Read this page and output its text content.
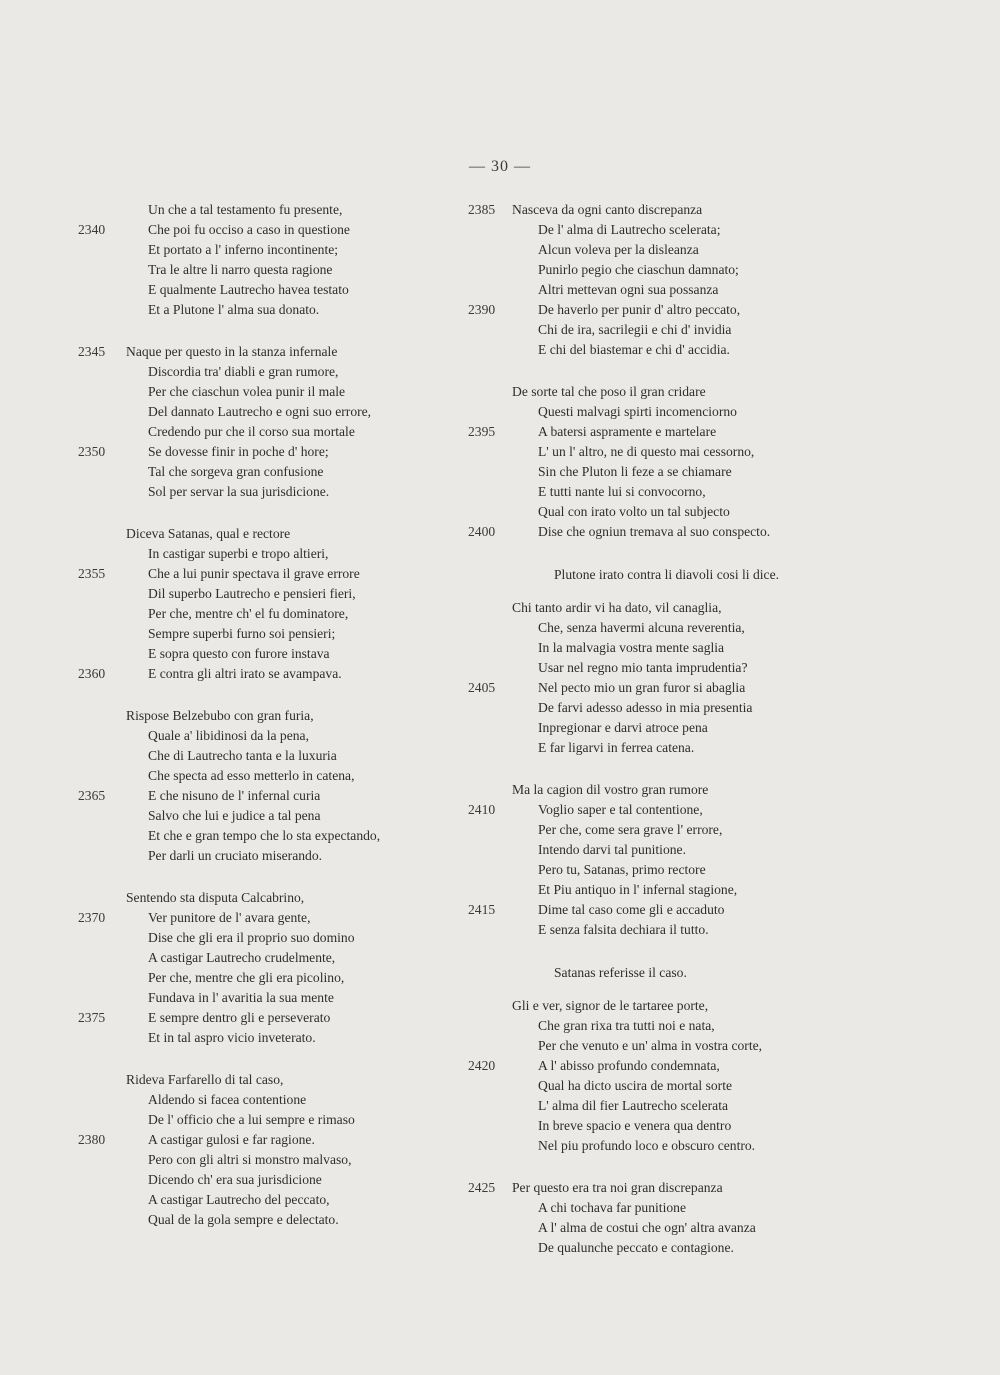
— 30 —
Un che a tal testamento fu presente,
2340	Che poi fu occiso a caso in questione
Et portato a l' inferno incontinente;
Tra le altre li narro questa ragione
E qualmente Lautrecho havea testato
Et a Plutone l' alma sua donato.
2345	Naque per questo in la stanza infernale
Discordia tra' diabli e gran rumore,
Per che ciaschun volea punir il male
Del dannato Lautrecho e ogni suo errore,
Credendo pur che il corso sua mortale
2350	Se dovesse finir in poche d' hore;
Tal che sorgeva gran confusione
Sol per servar la sua jurisdicione.
Diceva Satanas, qual e rectore
In castigar superbi e tropo altieri,
2355	Che a lui punir spectava il grave errore
Dil superbo Lautrecho e pensieri fieri,
Per che, mentre ch' el fu dominatore,
Sempre superbi furno soi pensieri;
E sopra questo con furore instava
2360	E contra gli altri irato se avampava.
Rispose Belzebubo con gran furia,
Quale a' libidinosi da la pena,
Che di Lautrecho tanta e la luxuria
Che specta ad esso metterlo in catena,
2365	E che nisuno de l' infernal curia
Salvo che lui e judice a tal pena
Et che e gran tempo che lo sta expectando,
Per darli un cruciato miserando.
Sentendo sta disputa Calcabrino,
2370	Ver punitore de l' avara gente,
Dise che gli era il proprio suo domino
A castigar Lautrecho crudelmente,
Per che, mentre che gli era picolino,
Fundava in l' avaritia la sua mente
2375	E sempre dentro gli e perseverato
Et in tal aspro vicio inveterato.
Rideva Farfarello di tal caso,
Aldendo si facea contentione
De l' officio che a lui sempre e rimaso
2380	A castigar gulosi e far ragione.
Pero con gli altri si monstro malvaso,
Dicendo ch' era sua jurisdicione
A castigar Lautrecho del peccato,
Qual de la gola sempre e delectato.
2385	Nasceva da ogni canto discrepanza
De l' alma di Lautrecho scelerata;
Alcun voleva per la disleanza
Punirlo pegio che ciaschun damnato;
Altri mettevan ogni sua possanza
2390	De haverlo per punir d' altro peccato,
Chi de ira, sacrilegii e chi d' invidia
E chi del biastemar e chi d' accidia.
De sorte tal che poso il gran cridare
Questi malvagi spirti incomenciorno
2395	A batersi aspramente e martelare
L' un l' altro, ne di questo mai cessorno,
Sin che Pluton li feze a se chiamare
E tutti nante lui si convocorno,
Qual con irato volto un tal subjecto
2400	Dise che ogniun tremava al suo conspecto.
Plutone irato contra li diavoli cosi li dice.
Chi tanto ardir vi ha dato, vil canaglia,
Che, senza havermi alcuna reverentia,
In la malvagia vostra mente saglia
Usar nel regno mio tanta imprudentia?
2405	Nel pecto mio un gran furor si abaglia
De farvi adesso adesso in mia presentia
Inpregionar e darvi atroce pena
E far ligarvi in ferrea catena.
Ma la cagion dil vostro gran rumore
2410	Voglio saper e tal contentione,
Per che, come sera grave l' errore,
Intendo darvi tal punitione.
Pero tu, Satanas, primo rectore
Et Piu antiquo in l' infernal stagione,
2415	Dime tal caso come gli e accaduto
E senza falsita dechiara il tutto.
Satanas referisse il caso.
Gli e ver, signor de le tartaree porte,
Che gran rixa tra tutti noi e nata,
Per che venuto e un' alma in vostra corte,
2420	A l' abisso profundo condemnata,
Qual ha dicto uscira de mortal sorte
L' alma dil fier Lautrecho scelerata
In breve spacio e venera qua dentro
Nel piu profundo loco e obscuro centro.
2425	Per questo era tra noi gran discrepanza
A chi tochava far punitione
A l' alma de costui che ogn' altra avanza
De qualunche peccato e contagione.
